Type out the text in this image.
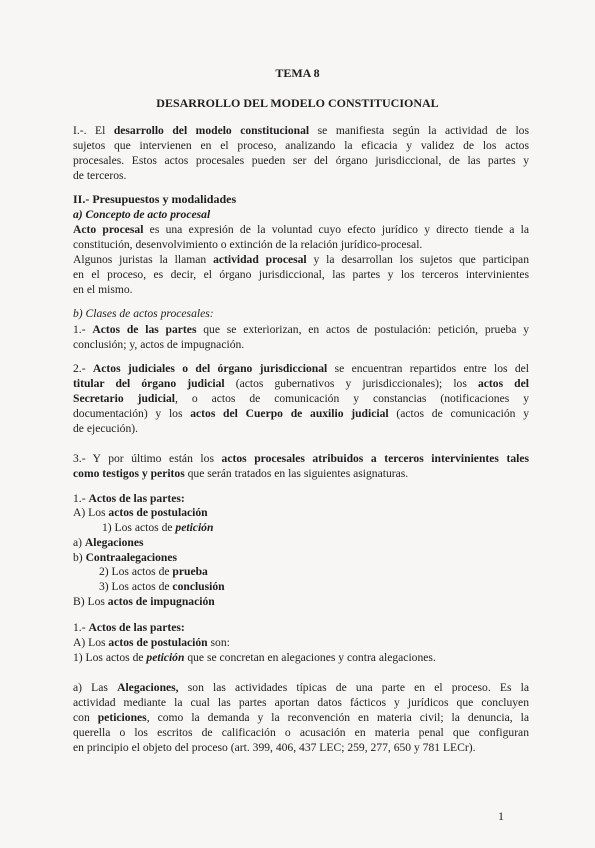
TEMA 8
DESARROLLO DEL MODELO CONSTITUCIONAL
I.-. El desarrollo del modelo constitucional se manifiesta según la actividad de los
sujetos que intervienen en el proceso, analizando la eficacia y validez de los actos
procesales. Estos actos procesales pueden ser del órgano jurisdiccional, de las partes y
de terceros.
II.- Presupuestos y modalidades
a) Concepto de acto procesal
Acto procesal es una expresión de la voluntad cuyo efecto jurídico y directo tiende a la
constitución, desenvolvimiento o extinción de la relación jurídico-procesal.
Algunos juristas la llaman actividad procesal y la desarrollan los sujetos que participan
en el proceso, es decir, el órgano jurisdiccional, las partes y los terceros intervinientes
en el mismo.
b) Clases de actos procesales:
1.- Actos de las partes que se exteriorizan, en actos de postulación: petición, prueba y
conclusión; y, actos de impugnación.
2.- Actos judiciales o del órgano jurisdiccional se encuentran repartidos entre los del
titular del órgano judicial (actos gubernativos y jurisdiccionales); los actos del
Secretario judicial, o actos de comunicación y constancias (notificaciones y
documentación) y los actos del Cuerpo de auxilio judicial (actos de comunicación y
de ejecución).
3.- Y por último están los actos procesales atribuidos a terceros intervinientes tales
como testigos y peritos que serán tratados en las siguientes asignaturas.
1.- Actos de las partes:
A) Los actos de postulación
1) Los actos de petición
a) Alegaciones
b) Contraalegaciones
2) Los actos de prueba
3) Los actos de conclusión
B) Los actos de impugnación
1.- Actos de las partes:
A) Los actos de postulación son:
1) Los actos de petición que se concretan en alegaciones y contra alegaciones.
a) Las Alegaciones, son las actividades típicas de una parte en el proceso. Es la
actividad mediante la cual las partes aportan datos fácticos y jurídicos que concluyen
con peticiones, como la demanda y la reconvención en materia civil; la denuncia, la
querella o los escritos de calificación o acusación en materia penal que configuran
en principio el objeto del proceso (art. 399, 406, 437 LEC; 259, 277, 650 y 781 LECr).
1
